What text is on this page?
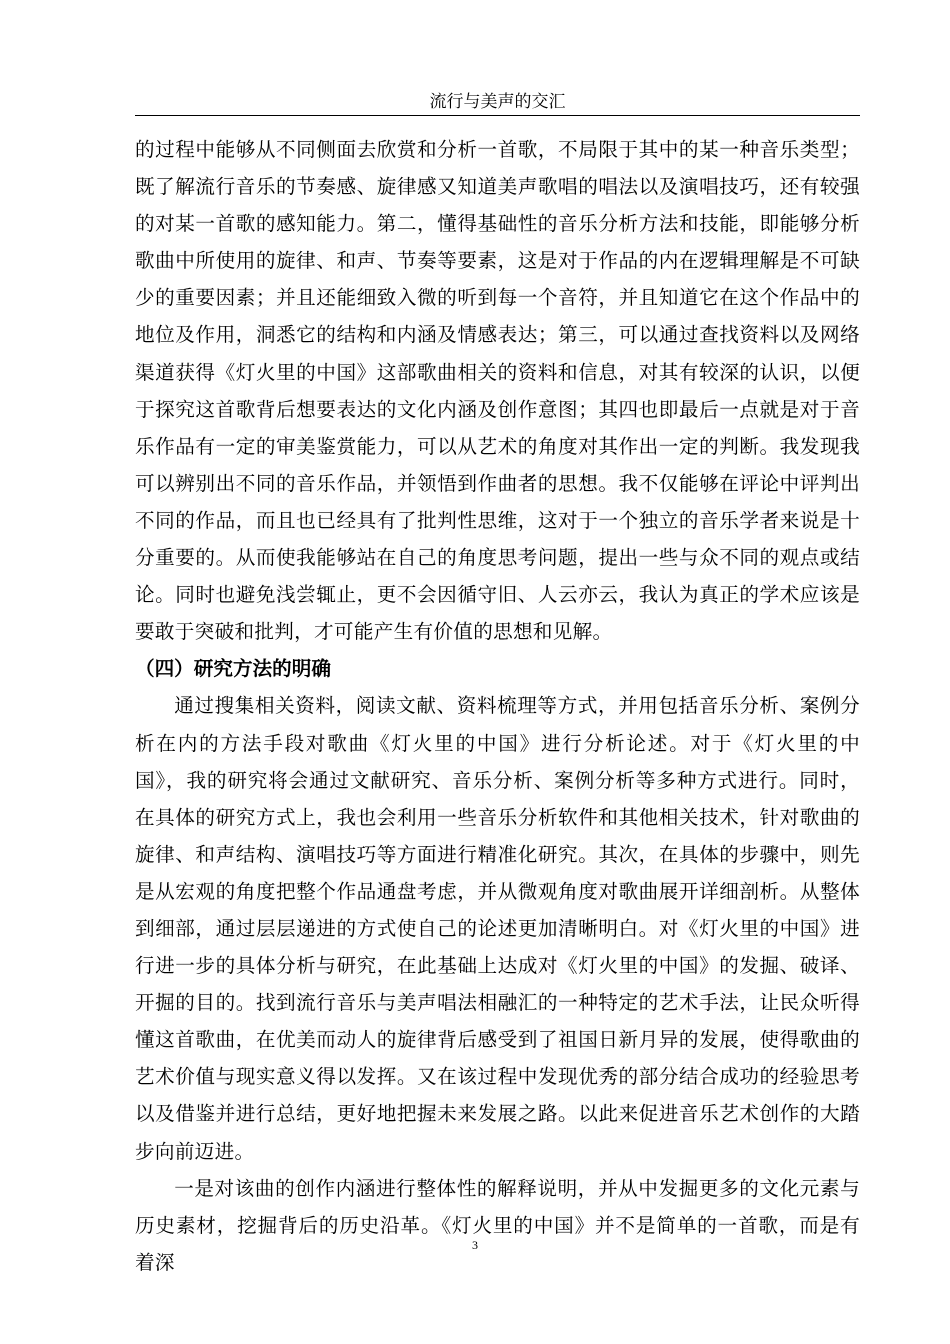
流行与美声的交汇

的过程中能够从不同侧面去欣赏和分析一首歌，不局限于其中的某一种音乐类型；既了解流行音乐的节奏感、旋律感又知道美声歌唱的唱法以及演唱技巧，还有较强的对某一首歌的感知能力。第二，懂得基础性的音乐分析方法和技能，即能够分析歌曲中所使用的旋律、和声、节奏等要素，这是对于作品的内在逻辑理解是不可缺少的重要因素；并且还能细致入微的听到每一个音符，并且知道它在这个作品中的地位及作用，洞悉它的结构和内涵及情感表达；第三，可以通过查找资料以及网络渠道获得《灯火里的中国》这部歌曲相关的资料和信息，对其有较深的认识，以便于探究这首歌背后想要表达的文化内涵及创作意图；其四也即最后一点就是对于音乐作品有一定的审美鉴赏能力，可以从艺术的角度对其作出一定的判断。我发现我可以辨别出不同的音乐作品，并领悟到作曲者的思想。我不仅能够在评论中评判出不同的作品，而且也已经具有了批判性思维，这对于一个独立的音乐学者来说是十分重要的。从而使我能够站在自己的角度思考问题，提出一些与众不同的观点或结论。同时也避免浅尝辄止，更不会因循守旧、人云亦云，我认为真正的学术应该是要敢于突破和批判，才可能产生有价值的思想和见解。

（四）研究方法的明确

通过搜集相关资料，阅读文献、资料梳理等方式，并用包括音乐分析、案例分析在内的方法手段对歌曲《灯火里的中国》进行分析论述。对于《灯火里的中国》，我的研究将会通过文献研究、音乐分析、案例分析等多种方式进行。同时，在具体的研究方式上，我也会利用一些音乐分析软件和其他相关技术，针对歌曲的旋律、和声结构、演唱技巧等方面进行精准化研究。其次，在具体的步骤中，则先是从宏观的角度把整个作品通盘考虑，并从微观角度对歌曲展开详细剖析。从整体到细部，通过层层递进的方式使自己的论述更加清晰明白。对《灯火里的中国》进行进一步的具体分析与研究，在此基础上达成对《灯火里的中国》的发掘、破译、开掘的目的。找到流行音乐与美声唱法相融汇的一种特定的艺术手法，让民众听得懂这首歌曲，在优美而动人的旋律背后感受到了祖国日新月异的发展，使得歌曲的艺术价值与现实意义得以发挥。又在该过程中发现优秀的部分结合成功的经验思考以及借鉴并进行总结，更好地把握未来发展之路。以此来促进音乐艺术创作的大踏步向前迈进。

一是对该曲的创作内涵进行整体性的解释说明，并从中发掘更多的文化元素与历史素材，挖掘背后的历史沿革。《灯火里的中国》并不是简单的一首歌，而是有着深

3
